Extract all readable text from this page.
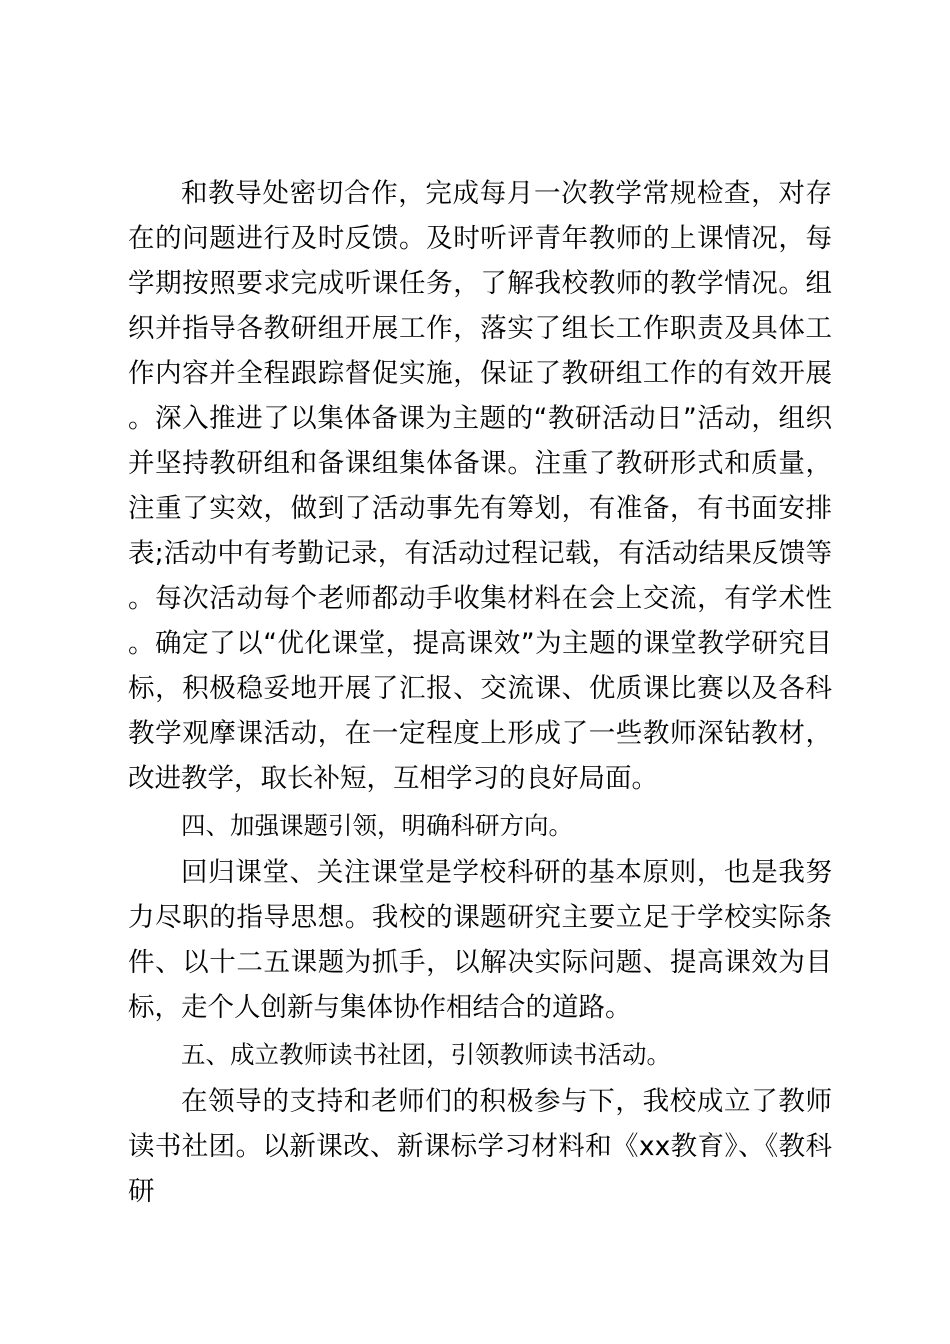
和教导处密切合作，完成每月一次教学常规检查，对存在的问题进行及时反馈。及时听评青年教师的上课情况，每学期按照要求完成听课任务，了解我校教师的教学情况。组织并指导各教研组开展工作，落实了组长工作职责及具体工作内容并全程跟踪督促实施，保证了教研组工作的有效开展。深入推进了以集体备课为主题的“教研活动日”活动，组织并坚持教研组和备课组集体备课。注重了教研形式和质量，注重了实效，做到了活动事先有筹划，有准备，有书面安排表;活动中有考勤记录，有活动过程记载，有活动结果反馈等。每次活动每个老师都动手收集材料在会上交流，有学术性。确定了以“优化课堂，提高课效”为主题的课堂教学研究目标，积极稳妥地开展了汇报、交流课、优质课比赛以及各科教学观摩课活动，在一定程度上形成了一些教师深钻教材，改进教学，取长补短，互相学习的良好局面。

四、加强课题引领，明确科研方向。

回归课堂、关注课堂是学校科研的基本原则，也是我努力尽职的指导思想。我校的课题研究主要立足于学校实际条件、以十二五课题为抓手，以解决实际问题、提高课效为目标，走个人创新与集体协作相结合的道路。

五、成立教师读书社团，引领教师读书活动。

在领导的支持和老师们的积极参与下，我校成立了教师读书社团。以新课改、新课标学习材料和《xx教育》、《教科研
